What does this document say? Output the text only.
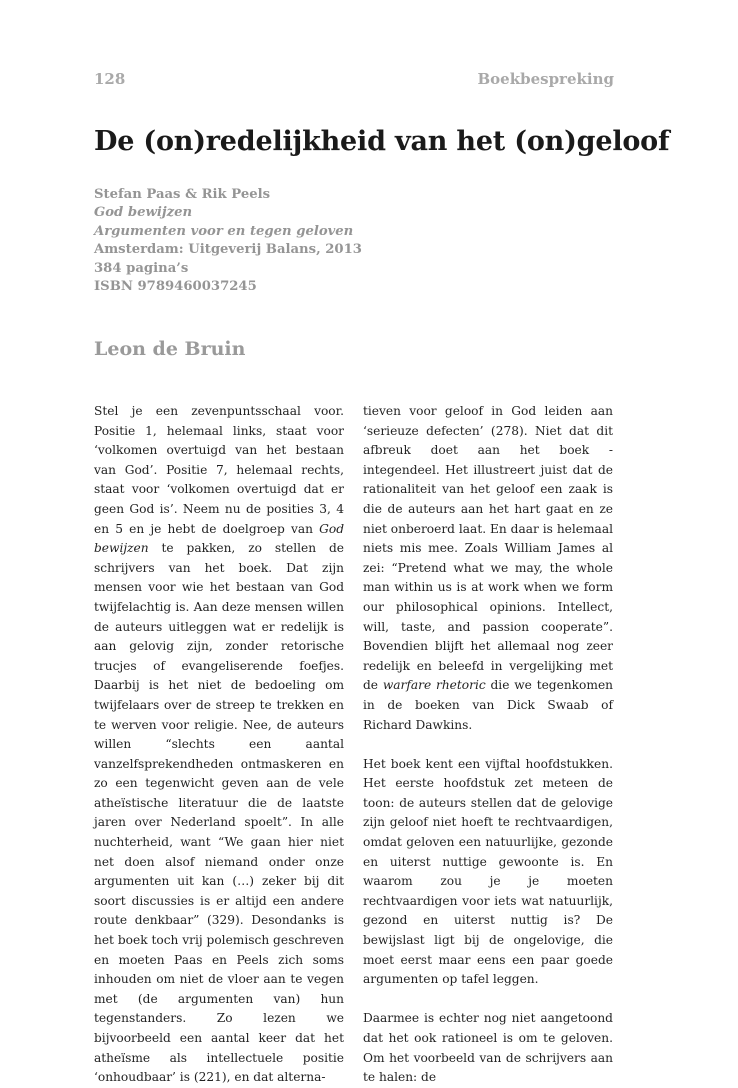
128	Boekbespreking
De (on)redelijkheid van het (on)geloof
Stefan Paas & Rik Peels
God bewijzen
Argumenten voor en tegen geloven
Amsterdam: Uitgeverij Balans, 2013
384 pagina’s
ISBN 9789460037245
Leon de Bruin

Stel je een zevenpuntsschaal voor. Positie 1, helemaal links, staat voor ‘volkomen overtuigd van het bestaan van God’. Positie 7, helemaal rechts, staat voor ‘volkomen overtuigd dat er geen God is’. Neem nu de posities 3, 4 en 5 en je hebt de doelgroep van God bewijzen te pakken, zo stellen de schrijvers van het boek. Dat zijn mensen voor wie het bestaan van God twijfelachtig is. Aan deze mensen willen de auteurs uitleggen wat er redelijk is aan gelovig zijn, zonder retorische trucjes of evangeliserende foefjes. Daarbij is het niet de bedoeling om twijfelaars over de streep te trekken en te werven voor religie. Nee, de auteurs willen “slechts een aantal vanzelfsprekendheden ontmaskeren en zo een tegenwicht geven aan de vele atheïstische literatuur die de laatste jaren over Nederland spoelt”. In alle nuchterheid, want “We gaan hier niet net doen alsof niemand onder onze argumenten uit kan (…) zeker bij dit soort discussies is er altijd een andere route denkbaar” (329). Desondanks is het boek toch vrij polemisch geschreven en moeten Paas en Peels zich soms inhouden om niet de vloer aan te vegen met (de argumenten van) hun tegenstanders. Zo lezen we bijvoorbeeld een aantal keer dat het atheïsme als intellectuele positie ‘onhoudbaar’ is (221), en dat alterna-

tieven voor geloof in God leiden aan ‘serieuze defecten’ (278). Niet dat dit afbreuk doet aan het boek - integendeel. Het illustreert juist dat de rationaliteit van het geloof een zaak is die de auteurs aan het hart gaat en ze niet onberoerd laat. En daar is helemaal niets mis mee. Zoals William James al zei: “Pretend what we may, the whole man within us is at work when we form our philosophical opinions. Intellect, will, taste, and passion cooperate”. Bovendien blijft het allemaal nog zeer redelijk en beleefd in vergelijking met de warfare rhetoric die we tegenkomen in de boeken van Dick Swaab of Richard Dawkins.

Het boek kent een vijftal hoofdstukken. Het eerste hoofdstuk zet meteen de toon: de auteurs stellen dat de gelovige zijn geloof niet hoeft te rechtvaardigen, omdat geloven een natuurlijke, gezonde en uiterst nuttige gewoonte is. En waarom zou je je moeten rechtvaardigen voor iets wat natuurlijk, gezond en uiterst nuttig is? De bewijslast ligt bij de ongelovige, die moet eerst maar eens een paar goede argumenten op tafel leggen.

Daarmee is echter nog niet aangetoond dat het ook rationeel is om te geloven. Om het voorbeeld van de schrijvers aan te halen: de
